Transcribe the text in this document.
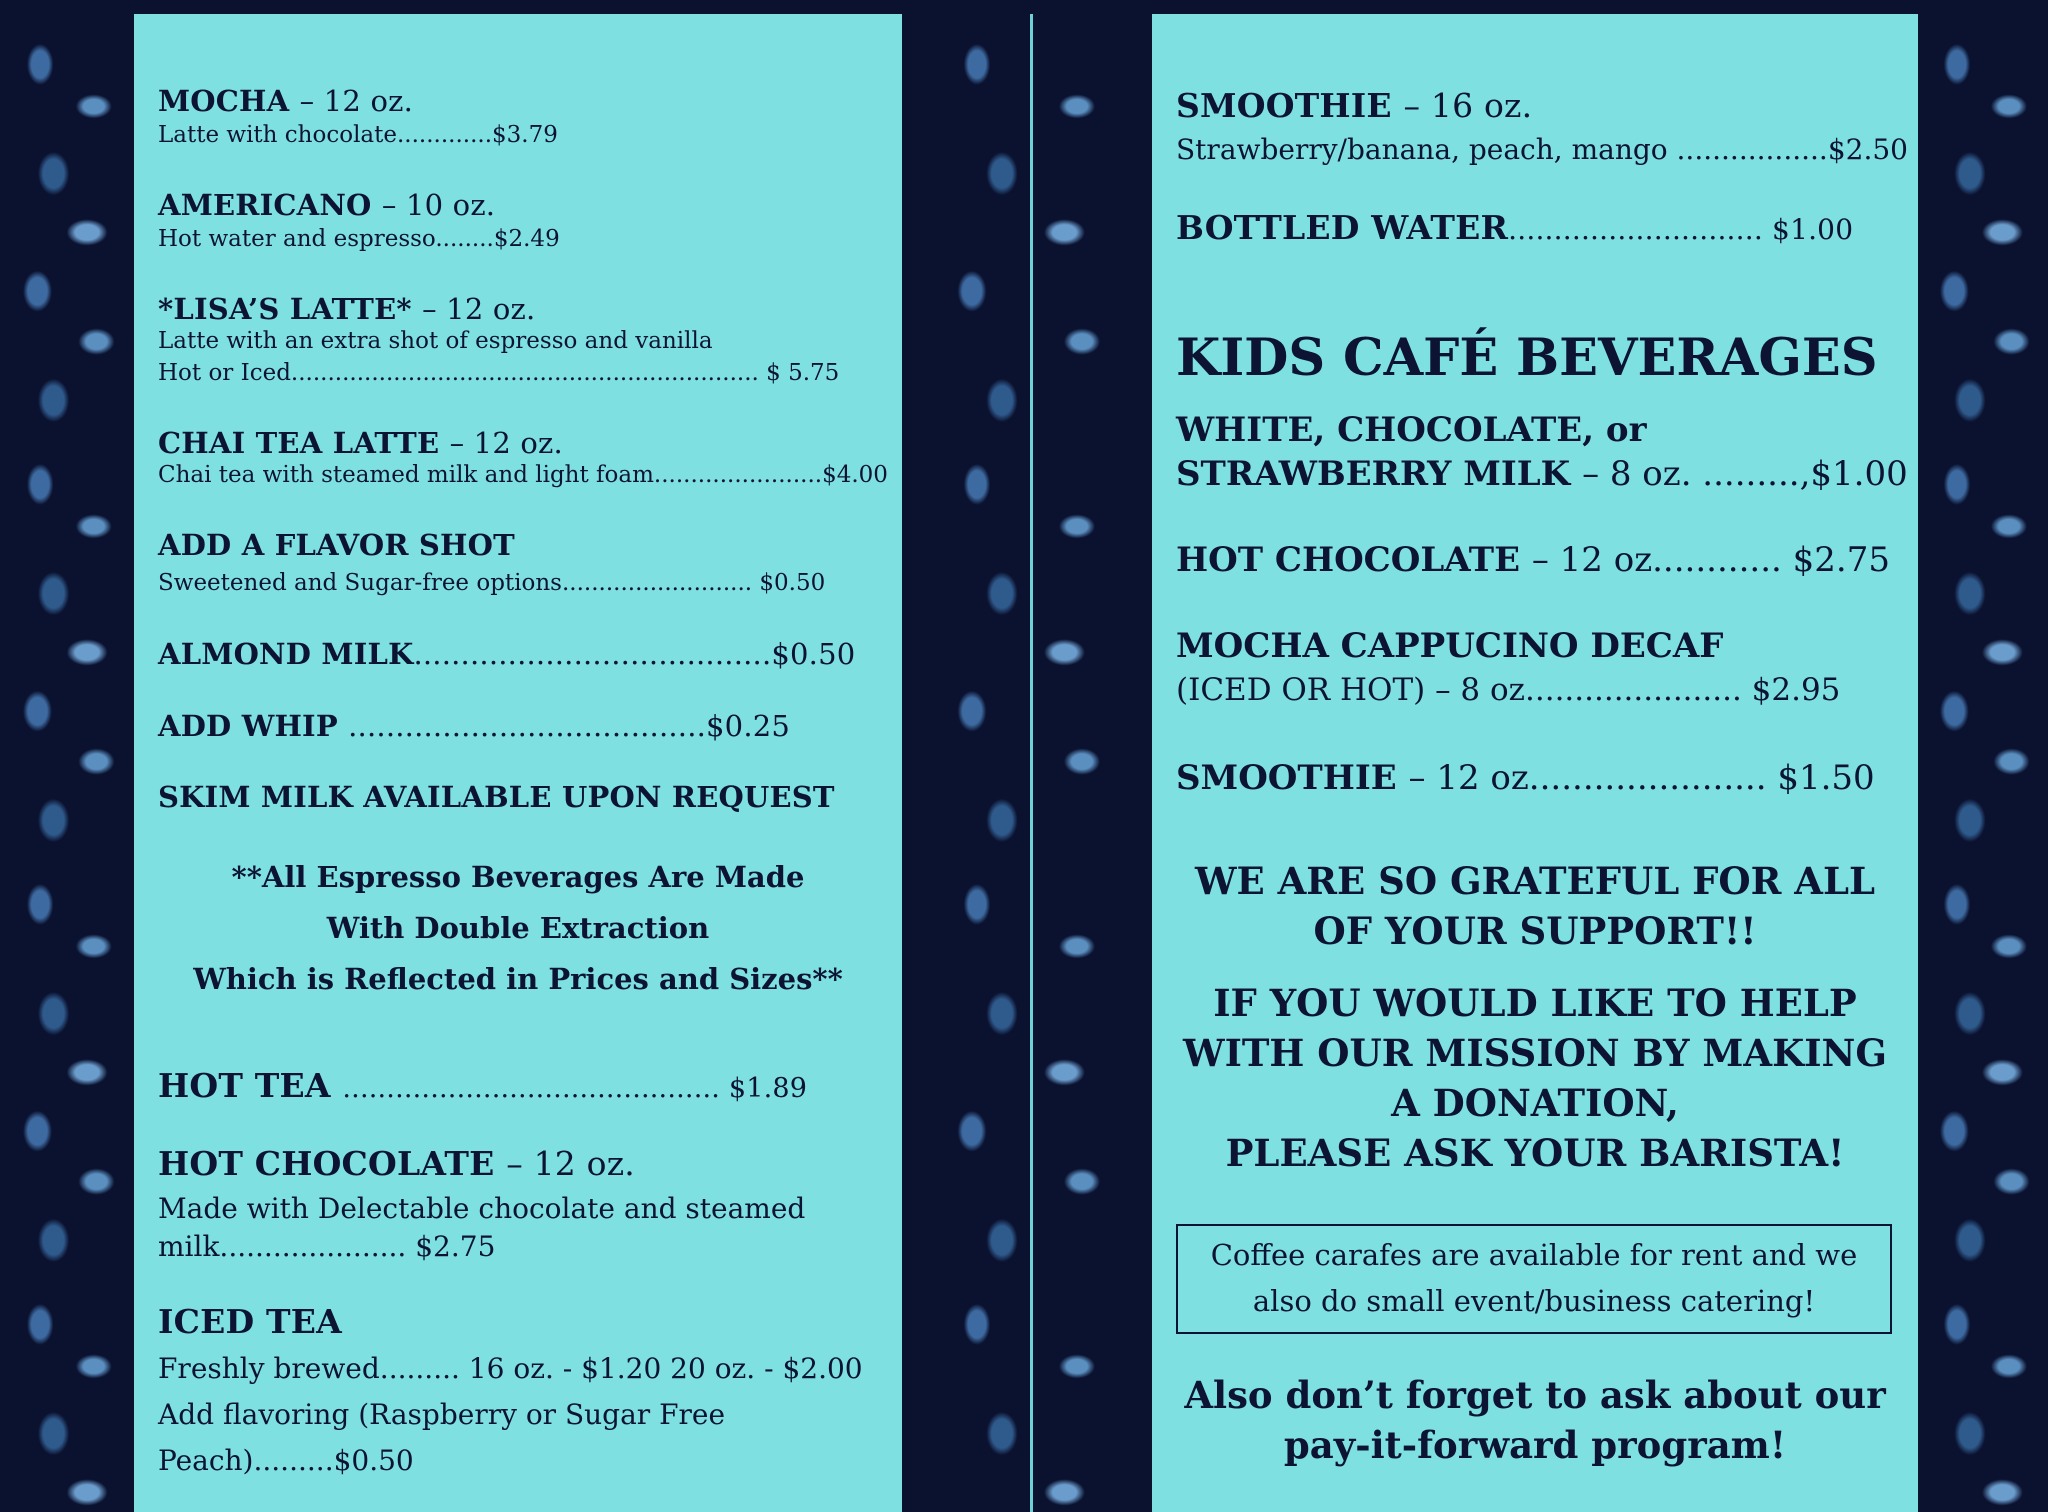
MOCHA – 12 oz.
Latte with chocolate.............$3.79
AMERICANO – 10 oz.
Hot water and espresso........$2.49
*LISA’S LATTE* – 12 oz.
Latte with an extra shot of espresso and vanilla
Hot or Iced................................................................ $ 5.75
CHAI TEA LATTE – 12 oz.
Chai tea with steamed milk and light foam.......................$4.00
ADD A FLAVOR SHOT
Sweetened and Sugar-free options.......................... $0.50
ALMOND MILK......................................$0.50
ADD WHIP ......................................$0.25
SKIM MILK AVAILABLE UPON REQUEST
**All Espresso Beverages Are Made
With Double Extraction
Which is Reflected in Prices and Sizes**
HOT TEA ........................................... $1.89
HOT CHOCOLATE – 12 oz.
Made with Delectable chocolate and steamed
milk..................... $2.75
ICED TEA
Freshly brewed......... 16 oz. - $1.20 20 oz. - $2.00
Add flavoring (Raspberry or Sugar Free
Peach).........$0.50
SMOOTHIE – 16 oz.
Strawberry/banana, peach, mango .................$2.50
BOTTLED WATER............................ $1.00
KIDS CAFÉ BEVERAGES
WHITE, CHOCOLATE, or
STRAWBERRY MILK – 8 oz. .........,$1.00
HOT CHOCOLATE – 12 oz............ $2.75
MOCHA CAPPUCINO DECAF
(ICED OR HOT) – 8 oz...................... $2.95
SMOOTHIE – 12 oz...................... $1.50
WE ARE SO GRATEFUL FOR ALL
OF YOUR SUPPORT!!
IF YOU WOULD LIKE TO HELP
WITH OUR MISSION BY MAKING
A DONATION,
PLEASE ASK YOUR BARISTA!
Coffee carafes are available for rent and we
also do small event/business catering!
Also don’t forget to ask about our
pay-it-forward program!
